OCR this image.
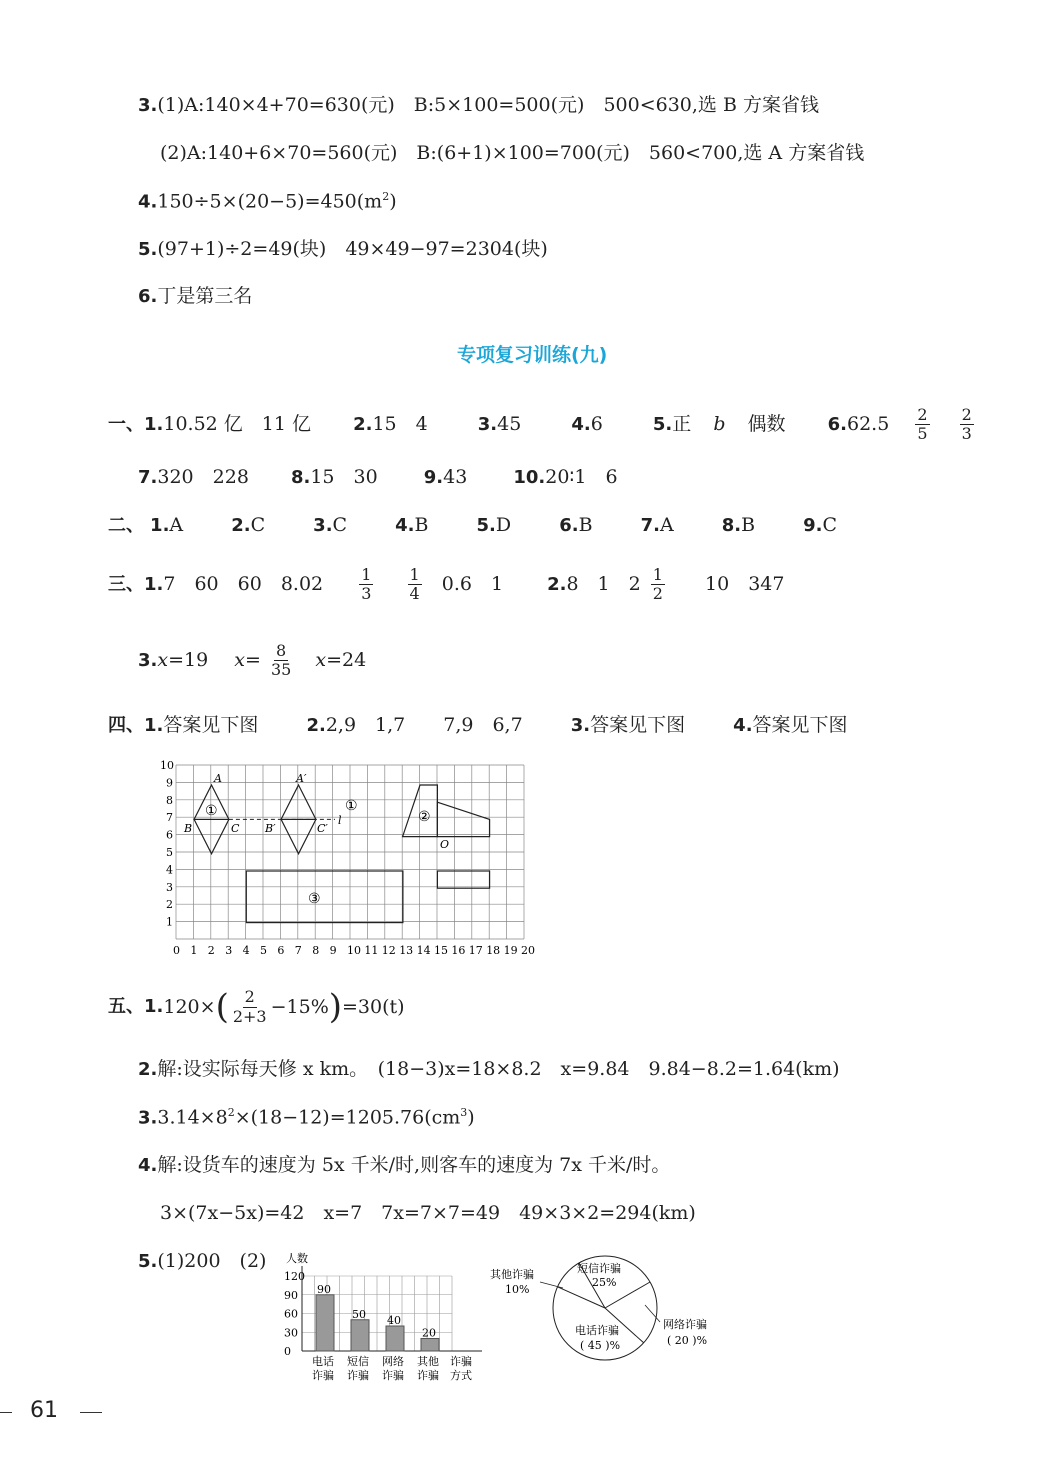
3.(1)A:140×4+70=630(元)　B:5×100=500(元)　500<630,选 B 方案省钱
(2)A:140+6×70=560(元)　B:(6+1)×100=700(元)　560<700,选 A 方案省钱
$4.150\div 5\times(20-5)=450(m^2)$
5.(97+1)÷2=49(块)　49×49−97=2304(块)
6.丁是第三名
专项复习训练(九)
一、1.10.52 亿　11 亿 2.15　4	3.45	4.6	5.正 b 偶数 $6.62.5 \frac{2}{5}$
$\frac{2}{3}$
7.320　228 8.15　30	9.43	10.20∶1　6
二、 1.A	2.C	3.C	4.B	5.D	6.B	7.A	8.B	9.C
三、1.7　60　60　$8.02 \frac{1}{3}$
$\frac{1}{4} 0.6$　1 2.8　1　$2 \frac{1}{2} 10$　347
3.x=19 $x= \frac{8}{35} x=24$
四、1.答案见下图	2.2,9　1,7　　7,9　6,7	3.答案见下图	4.答案见下图
0 1 2 3 4 5 6 7 8 9 10 11 12 13 14 15 16 17 18 19 20
1
2
3
4
5
6
7
8
9
10
①
A
B	C
A′
B′	C′
l
O
①	②
③
五、 1. 120× ( $\frac{2}{2+3} -15\%$ ) =30(t)
2.解:设实际每天修 x km。　(18−3)x=18×8.2　x=9.84　9.84−8.2=1.64(km)
$3.3.14\times 8^2\times(18-12)=1205.76(cm^3)$
4.解:设货车的速度为 5x 千米/时,则客车的速度为 7x 千米/时。
3×(7x−5x)=42　x=7　7x=7×7=49　49×3×2=294(km)
5.(1)200　(2)
0
30
60
90
120
人数
90
电话
诈骗
50
短信
诈骗
40
网络
诈骗
20
其他
诈骗
诈骗
方式
短信诈骗
25%
网络诈骗
( 20 )%
电话诈骗
( 45 )%
其他诈骗
10%
61
